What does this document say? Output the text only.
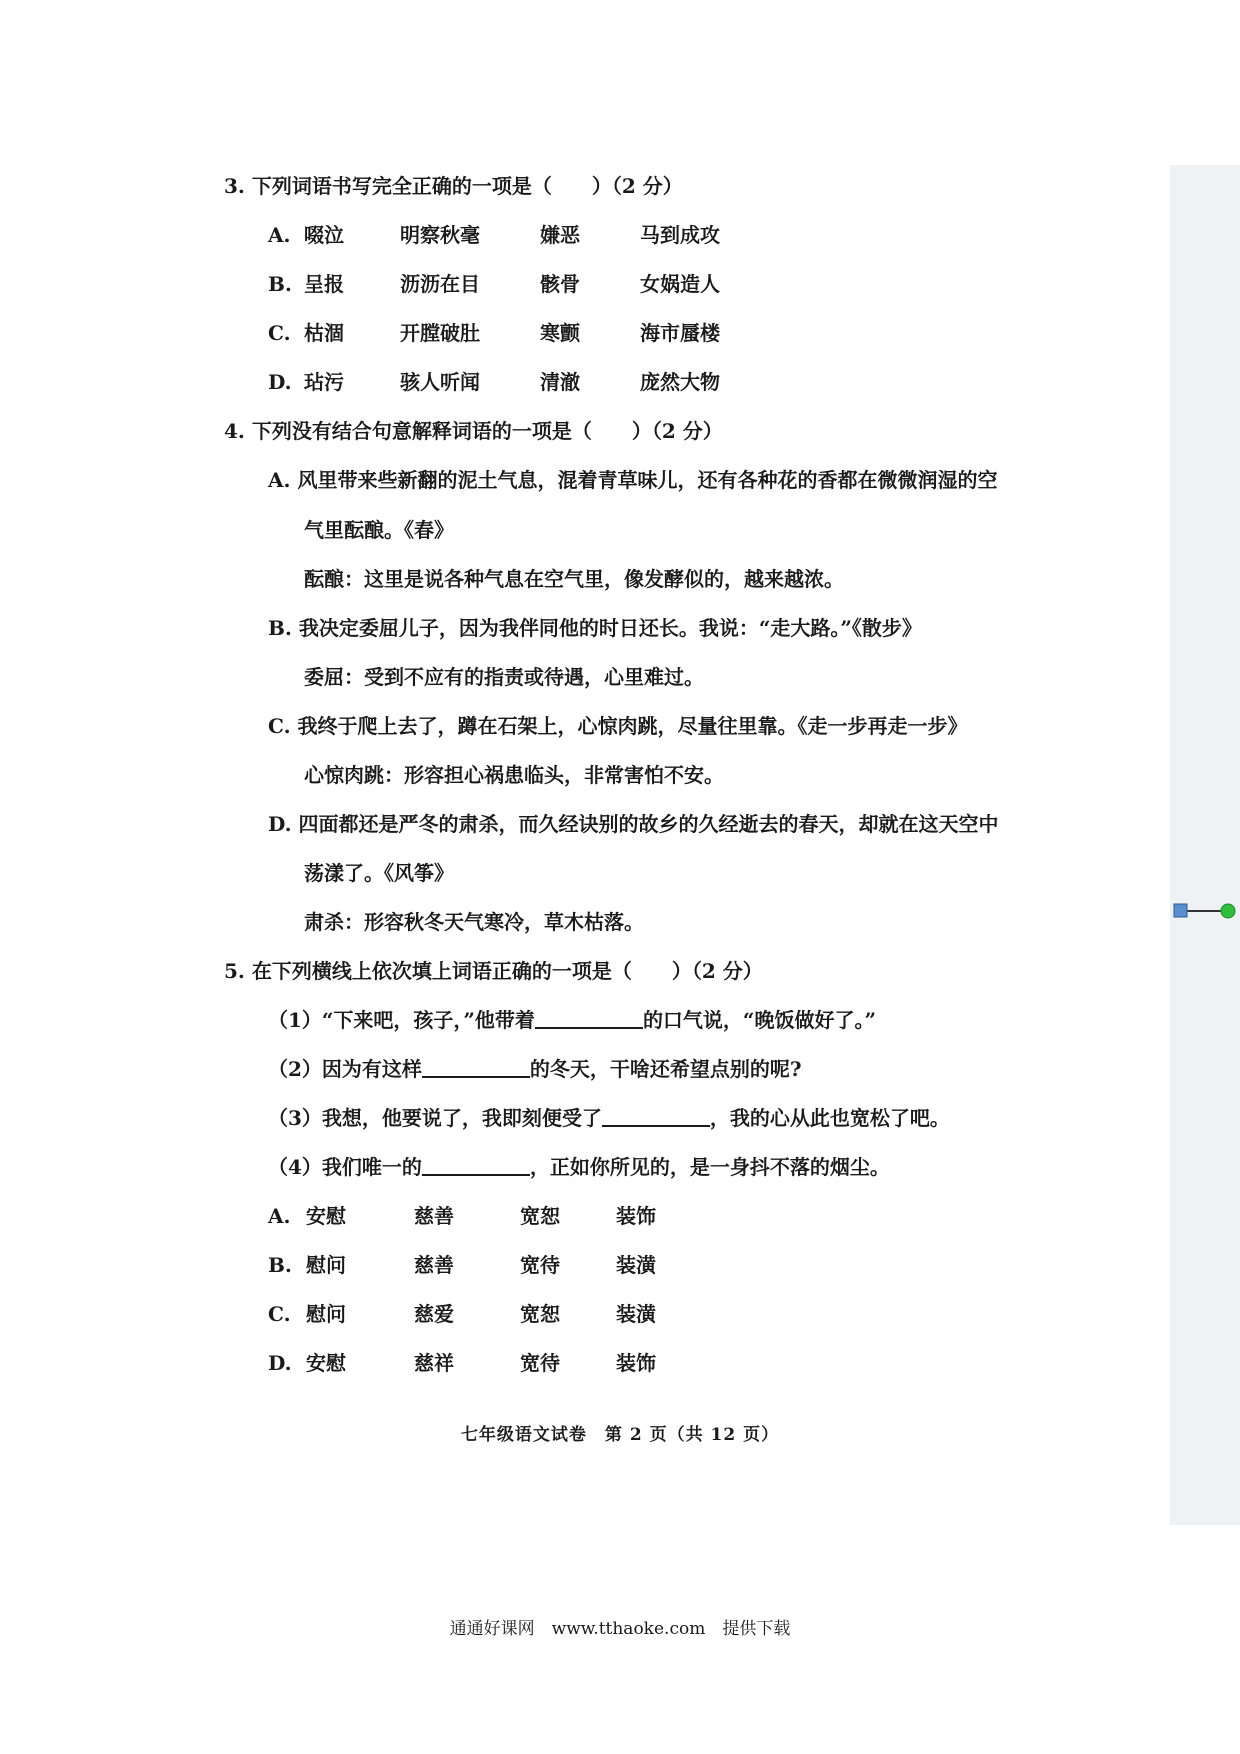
3. 下列词语书写完全正确的一项是（　　）（2 分）
A. 啜泣	明察秋毫	嫌恶	马到成攻
B. 呈报	沥沥在目	骸骨	女娲造人
C. 枯涸	开膛破肚	寒颤	海市蜃楼
D. 玷污	骇人听闻	清澈	庞然大物
4. 下列没有结合句意解释词语的一项是（　　）（2 分）
A. 风里带来些新翻的泥土气息，混着青草味儿，还有各种花的香都在微微润湿的空
气里酝酿。《春》
酝酿：这里是说各种气息在空气里，像发酵似的，越来越浓。
B. 我决定委屈儿子，因为我伴同他的时日还长。我说：“走大路。”《散步》
委屈：受到不应有的指责或待遇，心里难过。
C. 我终于爬上去了，蹲在石架上，心惊肉跳，尽量往里靠。《走一步再走一步》
心惊肉跳：形容担心祸患临头，非常害怕不安。
D. 四面都还是严冬的肃杀，而久经诀别的故乡的久经逝去的春天，却就在这天空中
荡漾了。《风筝》
肃杀：形容秋冬天气寒冷，草木枯落。
5. 在下列横线上依次填上词语正确的一项是（　　）（2 分）
（1）“下来吧，孩子，”他带着	的口气说，“晚饭做好了。”
（2）因为有这样	的冬天，干啥还希望点别的呢?
（3）我想，他要说了，我即刻便受了	，我的心从此也宽松了吧。
（4）我们唯一的	，正如你所见的，是一身抖不落的烟尘。
A. 安慰	慈善	宽恕	装饰
B. 慰问	慈善	宽待	装潢
C. 慰问	慈爱	宽恕	装潢
D. 安慰	慈祥	宽待	装饰
七年级语文试卷　第 2 页（共 12 页）
通通好课网　www.tthaoke.com　提供下载
